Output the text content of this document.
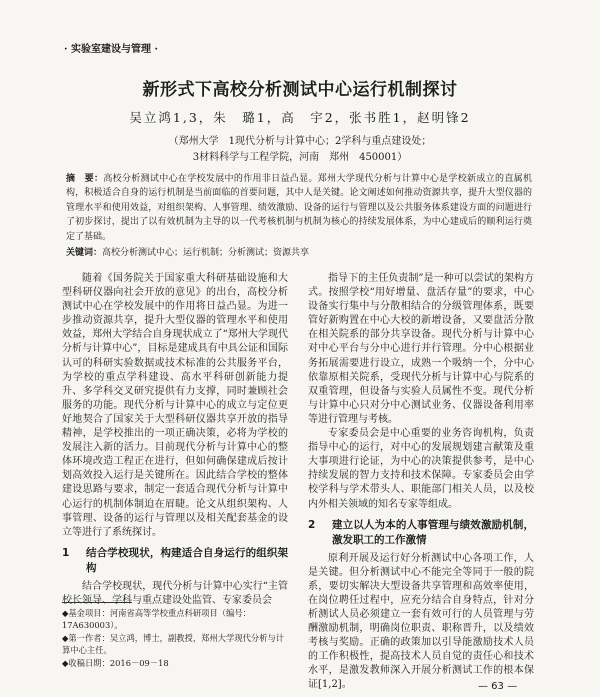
· 实验室建设与管理 ·
新形式下高校分析测试中心运行机制探讨
吴立鸿1,3，朱　璐1，高　宇2，张书胜1，赵明锋2
（郑州大学　1现代分析与计算中心；2学科与重点建设处；
3材料科学与工程学院，河南　郑州　450001）
摘　要：高校分析测试中心在学校发展中的作用非日益凸显。郑州大学现代分析与计算中心是学校新成立的直属机构，积极适合自身的运行机制是当前面临的首要问题，其中人是关键。论文阐述如何推动资源共享，提升大型仪器的管理水平和使用效益，对组织架构、人事管理、绩效激励、设备的运行与管理以及公共服务体系建设方面的问题进行了初步探讨，提出了以有效机制为主导的以一代考核机制与机制为核心的持续发展体系，为中心建成后的顺利运行奠定了基础。
关键词：高校分析测试中心；运行机制；分析测试；资源共享

随着《国务院关于国家重大科研基础设施和大型科研仪器向社会开放的意见》的出台，高校分析测试中心在学校发展中的作用将日益凸显。为进一步推动资源共享，提升大型仪器的管理水平和使用效益，郑州大学结合自身现状成立了“郑州大学现代分析与计算中心”，目标是建成具有中具公证和国际认可的科研实验数据或技术标准的公共服务平台，为学校的重点学科建设、高水平科研创新能力提升、多学科交叉研究提供有力支撑，同时兼顾社会服务的功能。现代分析与计算中心的成立与定位更好地契合了国家关于大型科研仪器共享开放的指导精神，是学校推出的一项正确决策，必将为学校的发展注入新的活力。目前现代分析与计算中心的整体环境改造工程正在进行，但如何确保建成后按计划高效投入运行是关键所在。因此结合学校的整体建设思路与要求，制定一套适合现代分析与计算中心运行的机制体制迫在眉睫。论文从组织架构、人事管理、设备的运行与管理以及相关配套基金的设立等进行了系统探讨。

1	结合学校现状，构建适合自身运行的组织架构

结合学校现状，现代分析与计算中心实行“主管校长领导、学科与重点建设处监管、专家委员会

指导下的主任负责制”是一种可以尝试的架构方式。按照学校“用好增量、盘活存量”的要求，中心设备实行集中与分散相结合的分级管理体系，既要管好新购置在中心大校的新增设备，又要盘活分散在相关院系的部分共享设备。现代分析与计算中心对中心平台与分中心进行并行管理。分中心根据业务拓展需要进行设立，成熟一个吸纳一个，分中心依靠原相关院系，受现代分析与计算中心与院系的双重管理，但设备与实验人员属性不变。现代分析与计算中心只对分中心测试业务、仪器设备利用率等进行管理与考核。

专家委员会是中心重要的业务咨询机构，负责指导中心的运行，对中心的发展规划建言献策及重大事项进行论证，为中心的决策提供参考，是中心持续发展的智力支持和技术保障。专家委员会由学校学科与学术带头人、职能部门相关人员，以及校内外相关领域的知名专家等组成。

2	建立以人为本的人事管理与绩效激励机制，激发职工的工作激情

原利开展及运行好分析测试中心各项工作，人是关键。但分析测试中心不能完全等同于一般的院系，要切实解决大型设备共享管理和高效率使用，在岗位聘任过程中，应充分结合自身特点，针对分析测试人员必须建立一套有效可行的人员管理与劳酬激励机制，明确岗位职责、职称晋升，以及绩效考核与奖励。正确的政策加以引导能激励技术人员的工作积极性，提高技术人员自觉的责任心和技术水平，是激发教师深入开展分析测试工作的根本保证[1,2]。

◆基金项目：河南省高等学校重点科研项目（编号：17A630003）。
◆第一作者：吴立鸿，博士，副教授，郑州大学现代分析与计算中心主任。
◆收稿日期：2016－09－18
— 63 —
